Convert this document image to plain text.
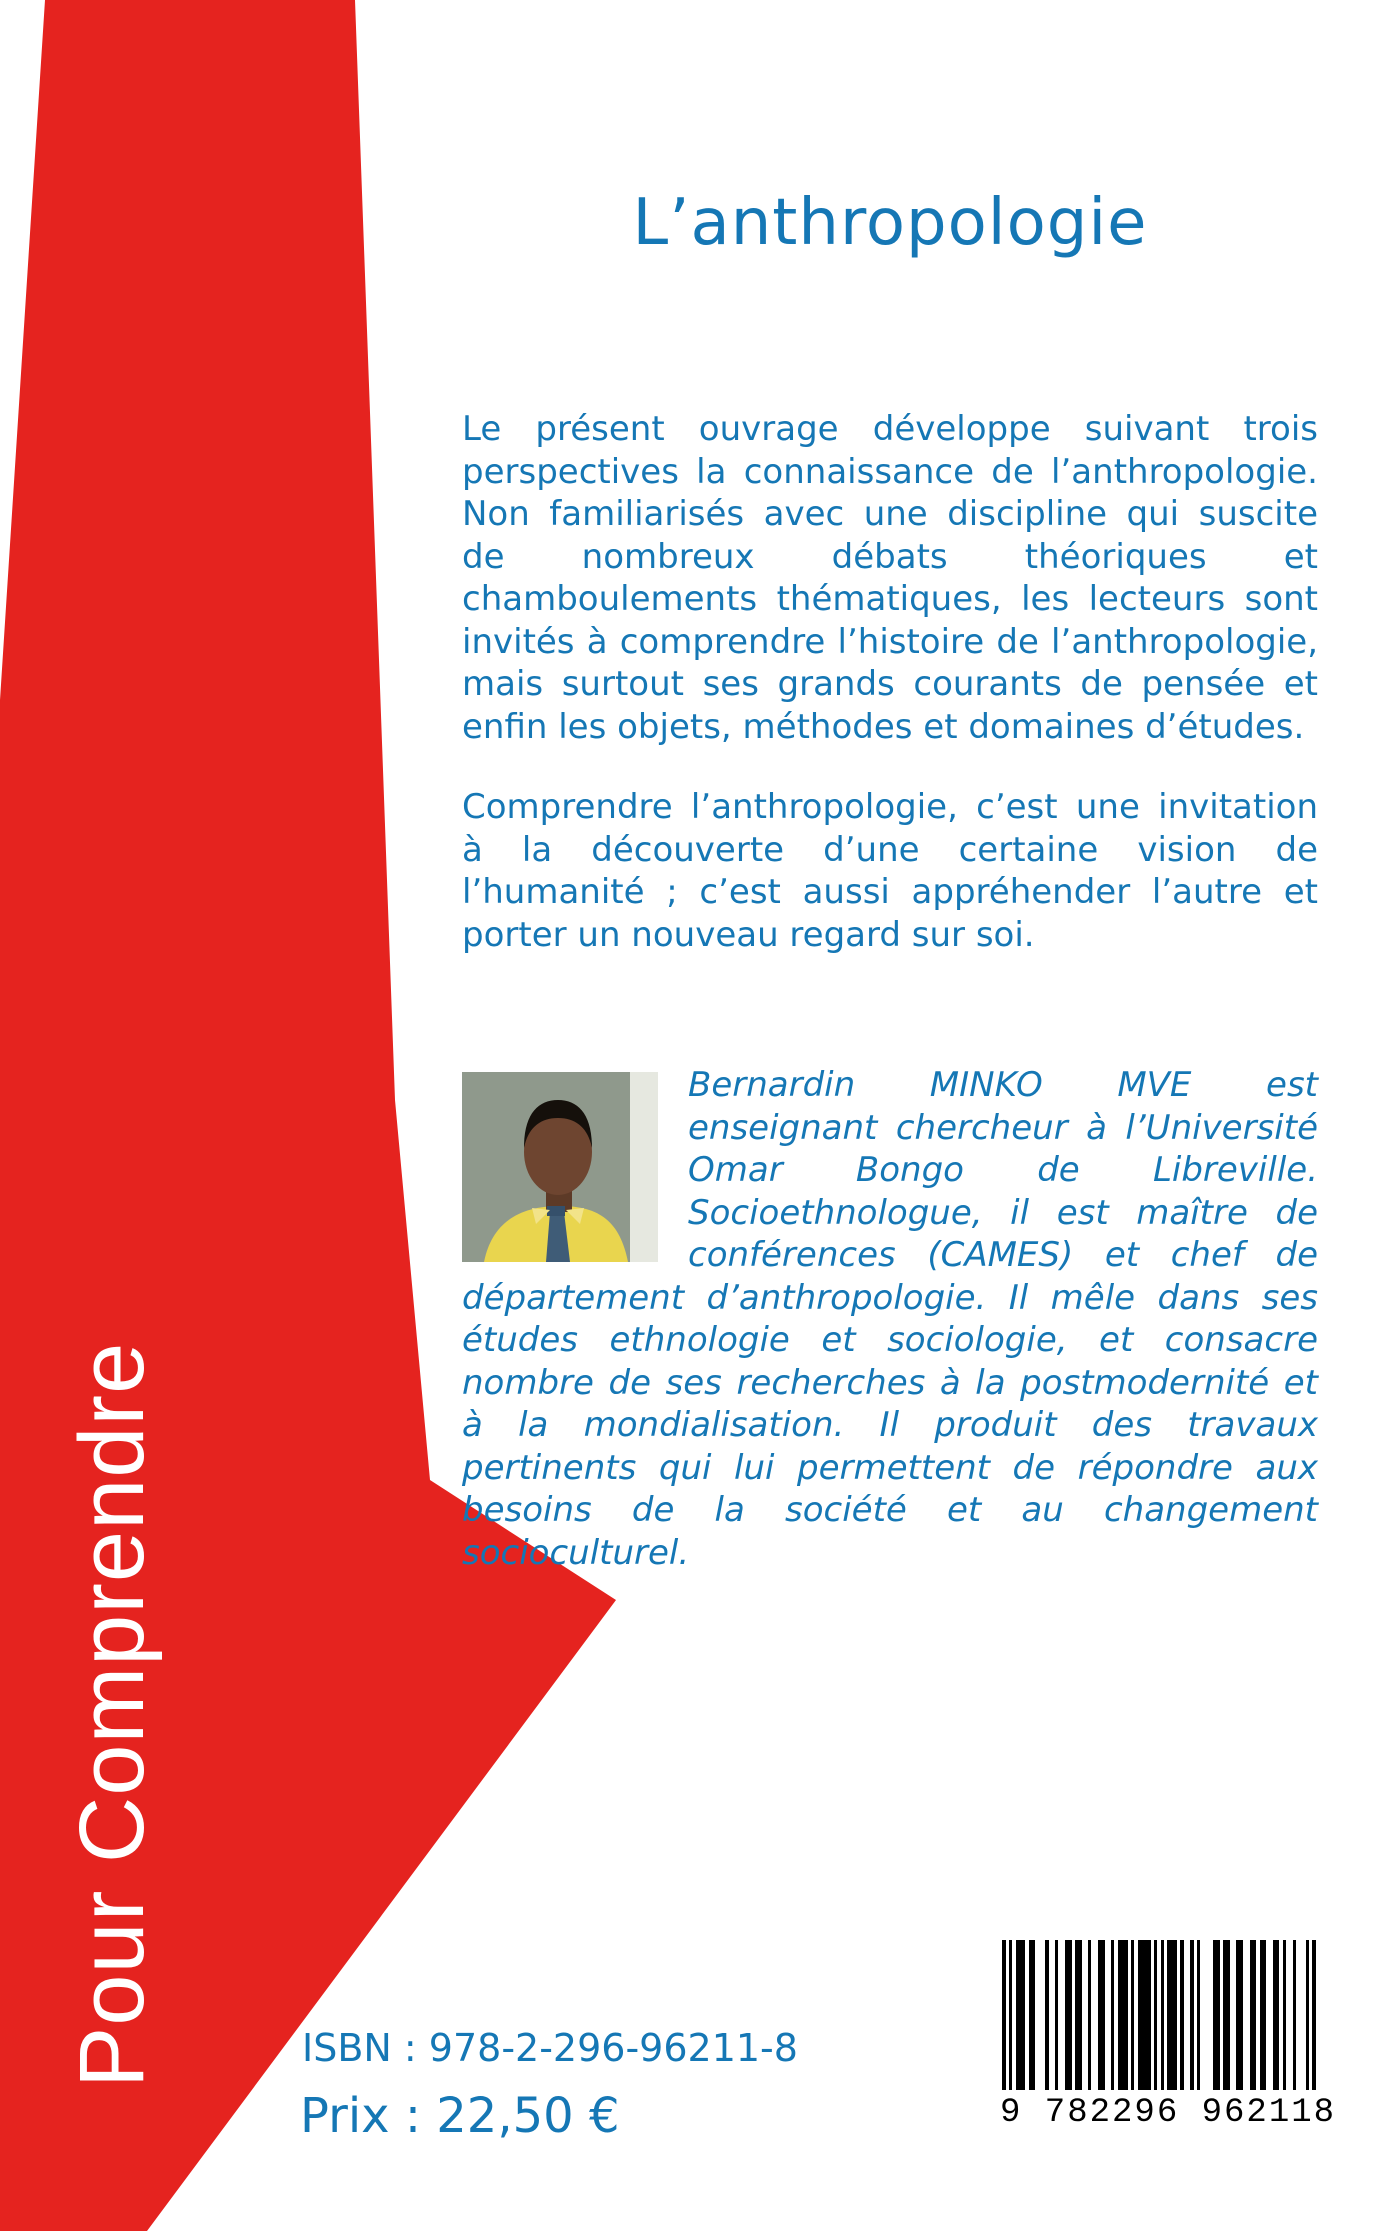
Pour Comprendre
L’anthropologie

Le présent ouvrage développe suivant trois perspectives la connaissance de l’anthropologie. Non familiarisés avec une discipline qui suscite de nombreux débats théoriques et chamboulements thématiques, les lecteurs sont invités à comprendre l’histoire de l’anthropologie, mais surtout ses grands courants de pensée et enfin les objets, méthodes et domaines d’études.

Comprendre l’anthropologie, c’est une invitation à la découverte d’une certaine vision de l’humanité ; c’est aussi appréhender l’autre et porter un nouveau regard sur soi.

Bernardin MINKO MVE est enseignant chercheur à l’Université Omar Bongo de Libreville. Socioethnologue, il est maître de conférences (CAMES) et chef de département d’anthropologie. Il mêle dans ses études ethnologie et sociologie, et consacre nombre de ses recherches à la postmodernité et à la mondialisation. Il produit des travaux pertinents qui lui permettent de répondre aux besoins de la société et au changement socioculturel.
ISBN : 978-2-296-96211-8
Prix : 22,50 €	9 782296 962118
